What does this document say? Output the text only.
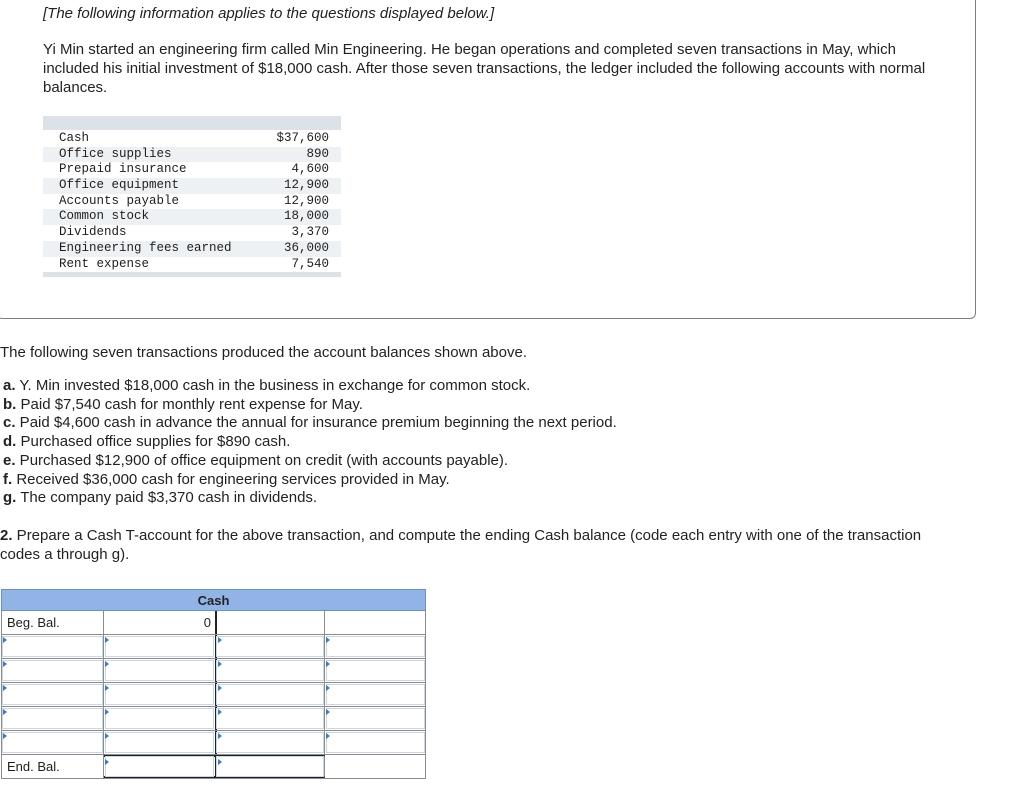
[The following information applies to the questions displayed below.]
Yi Min started an engineering firm called Min Engineering. He began operations and completed seven transactions in May, which included his initial investment of $18,000 cash. After those seven transactions, the ledger included the following accounts with normal balances.
Cash	$37,600
Office supplies	890
Prepaid insurance	4,600
Office equipment	12,900
Accounts payable	12,900
Common stock	18,000
Dividends	3,370
Engineering fees earned	36,000
Rent expense	7,540
The following seven transactions produced the account balances shown above.
a. Y. Min invested $18,000 cash in the business in exchange for common stock.
b. Paid $7,540 cash for monthly rent expense for May.
c. Paid $4,600 cash in advance the annual for insurance premium beginning the next period.
d. Purchased office supplies for $890 cash.
e. Purchased $12,900 of office equipment on credit (with accounts payable).
f. Received $36,000 cash for engineering services provided in May.
g. The company paid $3,370 cash in dividends.
2. Prepare a Cash T-account for the above transaction, and compute the ending Cash balance (code each entry with one of the transaction codes a through g).
Cash
Beg. Bal.	0
End. Bal.
